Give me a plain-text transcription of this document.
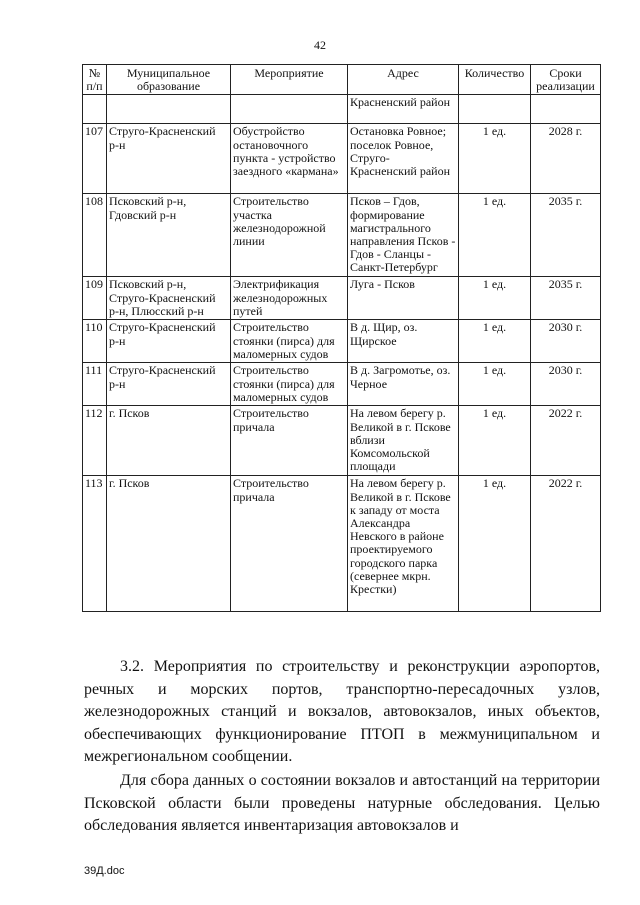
42
№ п/п	Муниципальное образование	Мероприятие	Адрес	Количество	Сроки реализации
			Красненский район		
107	Струго-Красненский р-н	Обустройство остановочного пункта - устройство заездного «кармана»	Остановка Ровное; поселок Ровное, Струго-Красненский район	1 ед.	2028 г.
108	Псковский р-н, Гдовский р-н	Строительство участка железнодорожной линии	Псков – Гдов, формирование магистрального направления Псков - Гдов - Сланцы - Санкт-Петербург	1 ед.	2035 г.
109	Псковский р-н, Струго-Красненский р-н, Плюсский р-н	Электрификация железнодорожных путей	Луга - Псков	1 ед.	2035 г.
110	Струго-Красненский р-н	Строительство стоянки (пирса) для маломерных судов	В д. Щир, оз. Щирское	1 ед.	2030 г.
111	Струго-Красненский р-н	Строительство стоянки (пирса) для маломерных судов	В д. Загромотье, оз. Черное	1 ед.	2030 г.
112	г. Псков	Строительство причала	На левом берегу р. Великой в г. Пскове вблизи Комсомольской площади	1 ед.	2022 г.
113	г. Псков	Строительство причала	На левом берегу р. Великой в г. Пскове к западу от моста Александра Невского в районе проектируемого городского парка (севернее мкрн. Крестки)	1 ед.	2022 г.

3.2. Мероприятия по строительству и реконструкции аэропортов, речных и морских портов, транспортно-пересадочных узлов, железнодорожных станций и вокзалов, автовокзалов, иных объектов, обеспечивающих функционирование ПТОП в межмуниципальном и межрегиональном сообщении.

Для сбора данных о состоянии вокзалов и автостанций на территории Псковской области были проведены натурные обследования. Целью обследования является инвентаризация автовокзалов и

39Д.doc
